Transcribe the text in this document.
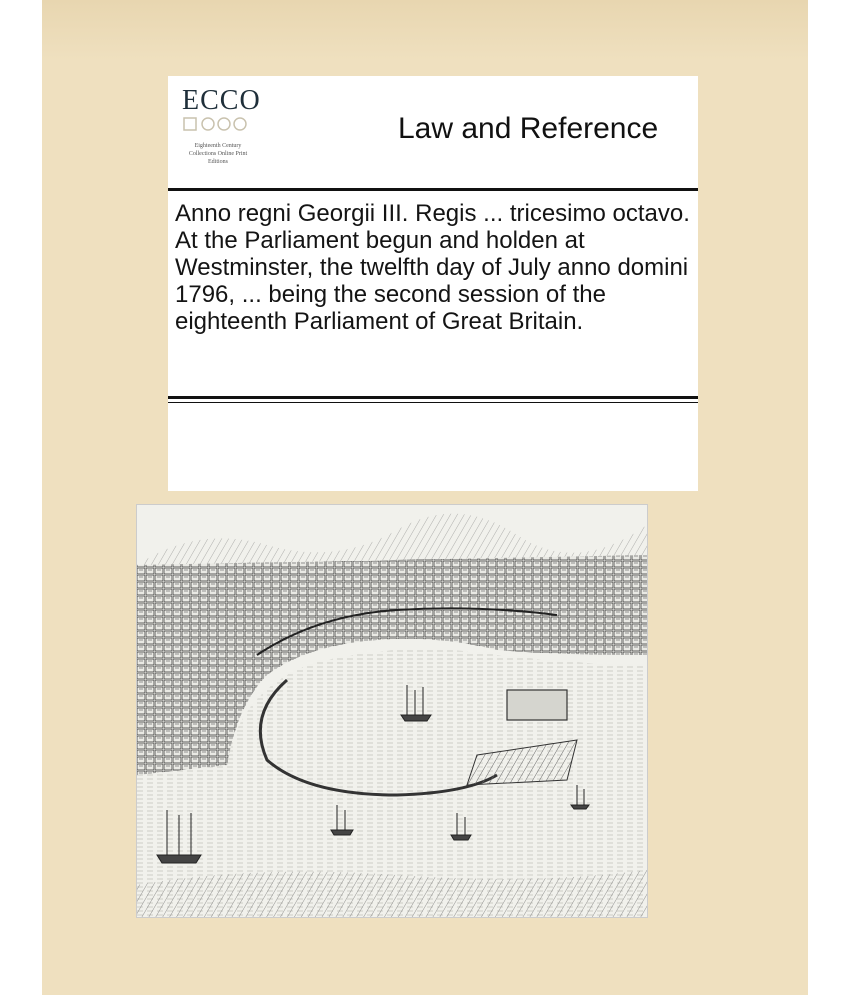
ECCO
Eighteenth Century Collections Online Print Editions
Law and Reference
Anno regni Georgii III. Regis ... tricesimo octavo. At the Parliament begun and holden at Westminster, the twelfth day of July anno domini 1796, ... being the second session of the eighteenth Parliament of Great Britain.
